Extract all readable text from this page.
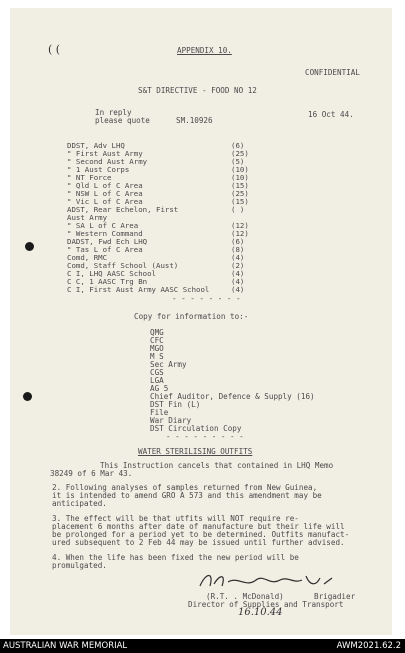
( (	APPENDIX 10.
CONFIDENTIAL
S&T DIRECTIVE - FOOD NO 12
In reply
please quote	SM.10926
16 Oct 44.
DDST, Adv LHQ	(6)
" First Aust Army	(25)
" Second Aust Army	(5)
" 1 Aust Corps	(10)
" NT Force	(10)
" Qld L of C Area	(15)
" NSW L of C Area	(25)
" Vic L of C Area	(15)
ADST, Rear Echelon, First	( )
Aust Army
" SA L of C Area	(12)
" Western Command	(12)
DADST, Fwd Ech LHQ	(6)
" Tas L of C Area	(8)
Comd, RMC	(4)
Comd, Staff School (Aust)	(2)
C I, LHQ AASC School	(4)
C C, 1 AASC Trg Bn	(4)
C I, First Aust Army AASC School	(4)
- - - - - - - -
Copy for information to:-
QMG
CFC
MGO
M S
Sec Army
CGS
LGA
AG 5
Chief Auditor, Defence & Supply (16)
DST Fin (L)
File
War Diary
DST Circulation Copy
- - - - - - - - -
WATER STERILISING OUTFITS
This Instruction cancels that contained in LHQ Memo
38249 of 6 Mar 43.
2. Following analyses of samples returned from New Guinea,
it is intended to amend GRO A 573 and this amendment may be
anticipated.
3. The effect will be that utfits will NOT require re-
placement 6 months after date of manufacture but their life will
be prolonged for a period yet to be determined. Outfits manufact-
ured subsequent to 2 Feb 44 may be issued until further advised.
4. When the life has been fixed the new period will be
promulgated.
(R.T. . McDonald)	Brigadier
Director of Supplies and Transport
16.10.44
AUSTRALIAN WAR MEMORIAL	AWM2021.62.2
